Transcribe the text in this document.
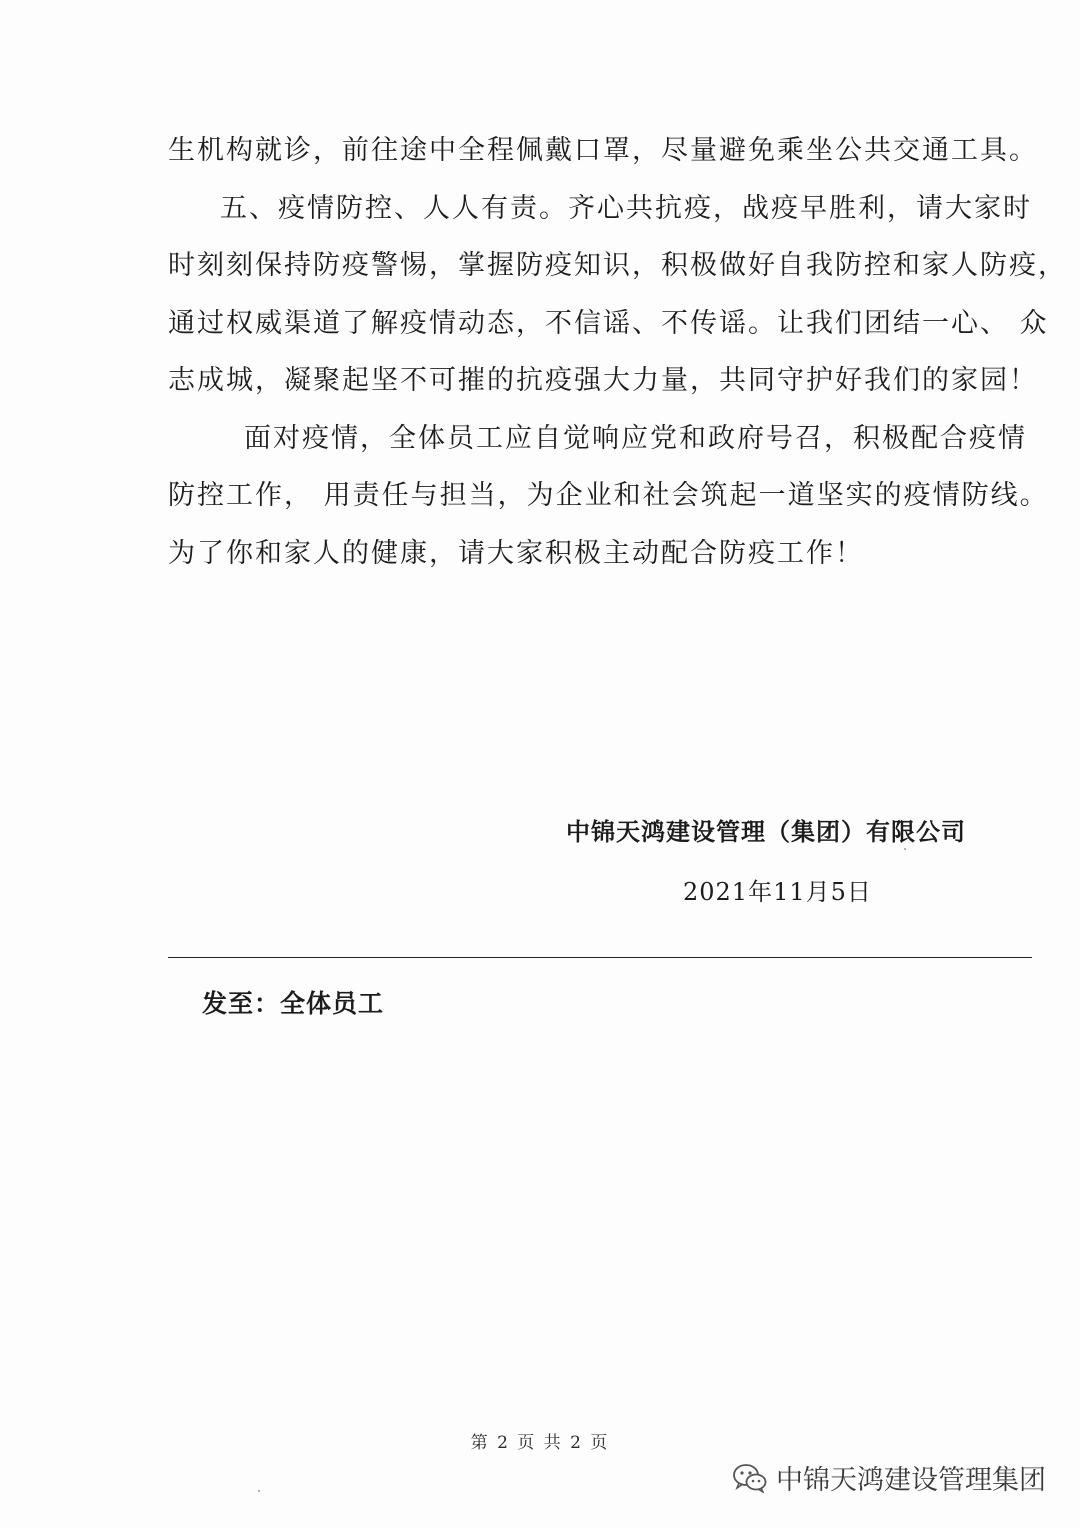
生机构就诊，前往途中全程佩戴口罩，尽量避免乘坐公共交通工具。
五、疫情防控、人人有责。齐心共抗疫，战疫早胜利，请大家时
时刻刻保持防疫警惕，掌握防疫知识，积极做好自我防控和家人防疫，
通过权威渠道了解疫情动态，不信谣、不传谣。让我们团结一心、 众
志成城，凝聚起坚不可摧的抗疫强大力量，共同守护好我们的家园！
面对疫情，全体员工应自觉响应党和政府号召，积极配合疫情
防控工作， 用责任与担当，为企业和社会筑起一道坚实的疫情防线。
为了你和家人的健康，请大家积极主动配合防疫工作！
中锦天鸿建设管理（集团）有限公司
2021年11月5日
发至：全体员工
第 2 页 共 2 页
中锦天鸿建设管理集团
